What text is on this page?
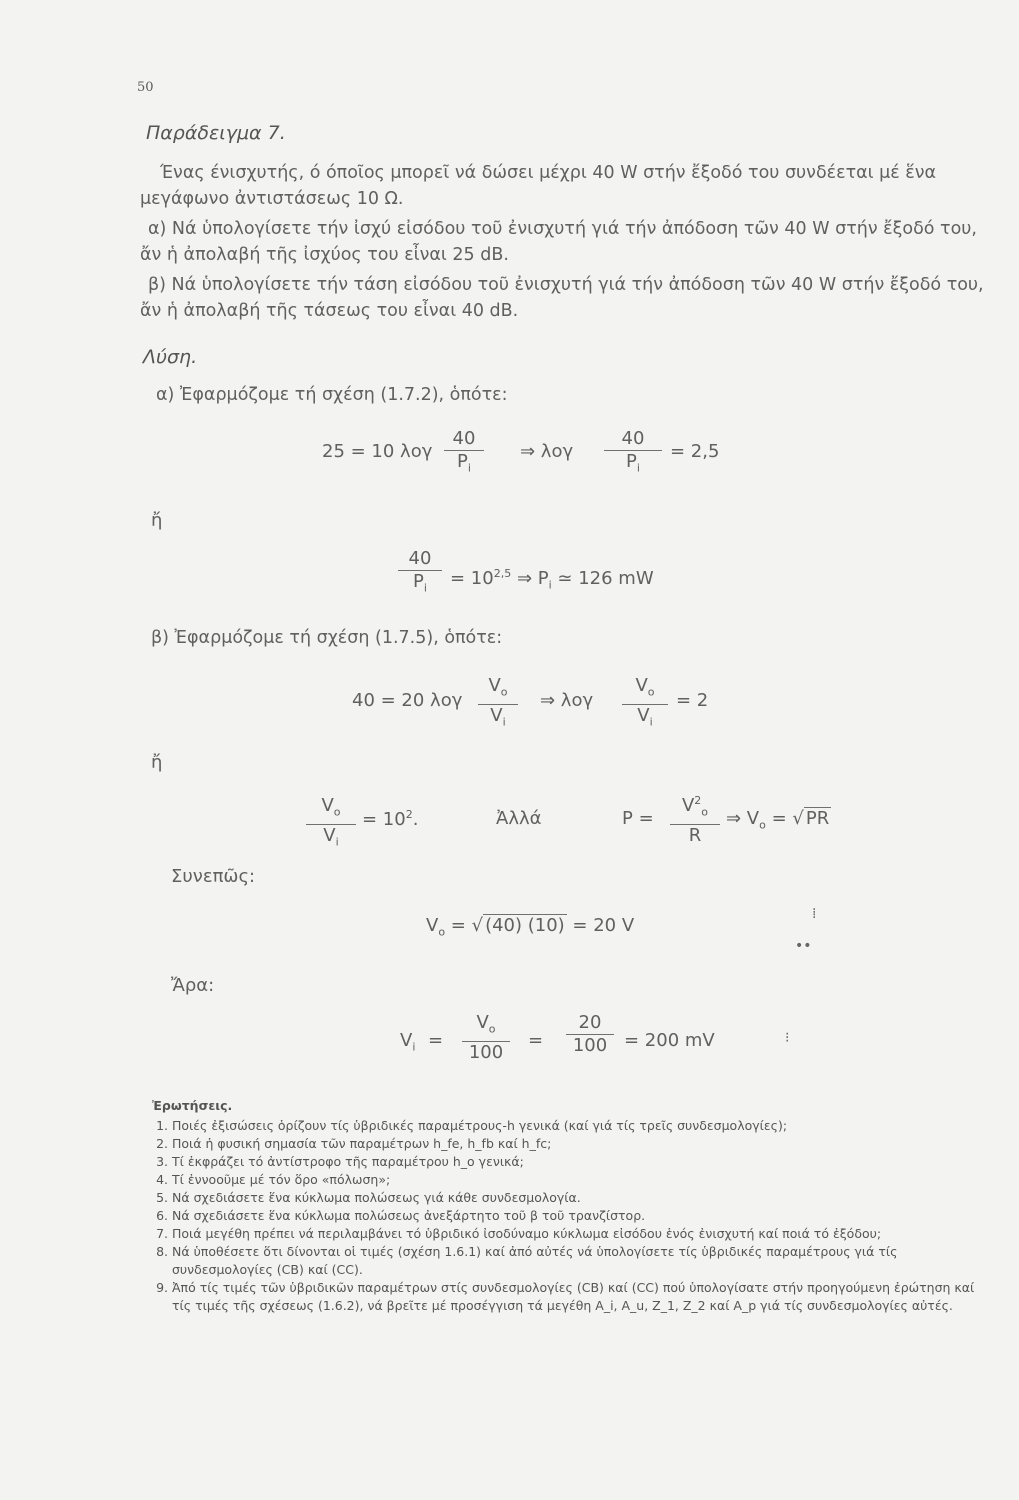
50
Παράδειγμα 7.
Ένας ένισχυτής, ό όποῖος μπορεῖ νά δώσει μέχρι 40 W στήν ἔξοδό του συνδέεται μέ ἕνα μεγάφωνο ἀντιστάσεως 10 Ω.
α) Νά ὑπολογίσετε τήν ἰσχύ εἰσόδου τοῦ ἐνισχυτή γιά τήν ἀπόδοση τῶν 40 W στήν ἔξοδό του, ἄν ἡ ἀπολαβή τῆς ἰσχύος του εἶναι 25 dB.
β) Νά ὑπολογίσετε τήν τάση εἰσόδου τοῦ ἐνισχυτή γιά τήν ἀπόδοση τῶν 40 W στήν ἔξοδό του, ἄν ἡ ἀπολαβή τῆς τάσεως του εἶναι 40 dB.
Λύση.
α) Ἐφαρμόζομε τή σχέση (1.7.2), ὁπότε:
25 = 10 λογ
40
$P_i$
⇒ λογ
40
$P_i$
= 2,5
ἤ
40
$P_i$	= $10^{2,5}$ ⇒ $P_i$ ≃ 126 mW
β) Ἐφαρμόζομε τή σχέση (1.7.5), ὁπότε:
40 = 20 λογ
$V_o$
$V_i$
⇒ λογ
$V_o$
$V_i$
= 2
ἤ
$V_o$
$V_i$
= $10^2$.	Ἀλλά	P =
$V^2_o$
R
⇒ $V_o$ = √ PR
Συνεπῶς:
$V_o$ = √ (40) (10) = 20 V
⁞
••
Ἄρα:
$V_i$ =
$V_o$
100
=
20
100 = 200 mV	⁝
Ἐρωτήσεις.
1. Ποιές ἐξισώσεις ὁρίζουν τίς ὑβριδικές παραμέτρους-h γενικά (καί γιά τίς τρεῖς συνδεσμολογίες);
2. Ποιά ἡ φυσική σημασία τῶν παραμέτρων h_fe, h_fb καί h_fc;
3. Τί ἐκφράζει τό ἀντίστροφο τῆς παραμέτρου h_o γενικά;
4. Τί ἐννοοῦμε μέ τόν ὅρο «πόλωση»;
5. Νά σχεδιάσετε ἕνα κύκλωμα πολώσεως γιά κάθε συνδεσμολογία.
6. Νά σχεδιάσετε ἕνα κύκλωμα πολώσεως ἀνεξάρτητο τοῦ β τοῦ τρανζίστορ.
7. Ποιά μεγέθη πρέπει νά περιλαμβάνει τό ὑβριδικό ἰσοδύναμο κύκλωμα εἰσόδου ἑνός ἐνισχυτή καί ποιά τό ἐξόδου;
8. Νά ὑποθέσετε ὅτι δίνονται οἱ τιμές (σχέση 1.6.1) καί ἀπό αὐτές νά ὑπολογίσετε τίς ὑβριδικές παραμέτρους γιά τίς συνδεσμολογίες (CB) καί (CC).
9. Ἀπό τίς τιμές τῶν ὑβριδικῶν παραμέτρων στίς συνδεσμολογίες (CB) καί (CC) πού ὑπολογίσατε στήν προηγούμενη ἐρώτηση καί τίς τιμές τῆς σχέσεως (1.6.2), νά βρεῖτε μέ προσέγγιση τά μεγέθη A_i, A_u, Z_1, Z_2 καί A_p γιά τίς συνδεσμολογίες αὐτές.
